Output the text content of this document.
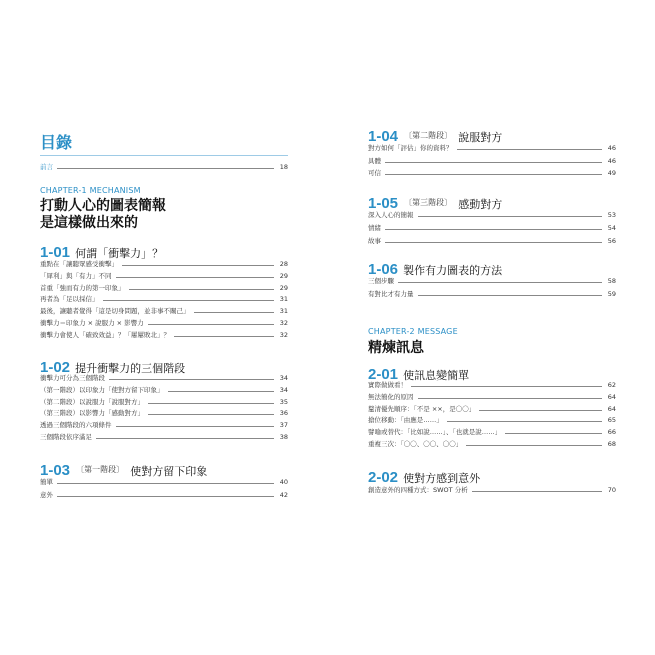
目錄
前言	18
CHAPTER-1 MECHANISM
打動人心的圖表簡報
是這樣做出來的
1-01 何謂「衝擊力」？
重點在「讓聽眾感受衝擊」	28
「犀利」與「有力」不同	29
首重「強而有力的第一印象」	29
再者為「足以採信」	31
最後，讓聽者覺得「這是切身問題，並非事不關己」	31
衝擊力＝印象力 × 說服力 × 影響力	32
衝擊力會使人「確致效益」？「屢屢敗北」？	32
1-02 提升衝擊力的三個階段
衝擊力可分為三個階段	34
（第一階段）以印象力「使對方留下印象」	34
（第二階段）以說服力「說服對方」	35
（第三階段）以影響力「感動對方」	36
透過三個階段的六項條件	37
三個階段依序滿足	38
1-03 〔第一階段〕 使對方留下印象
簡單	40
意外	42
1-04 〔第二階段〕 說服對方
對方如何「評估」你的資料？	46
具體	46
可信	49
1-05 〔第三階段〕 感動對方
深入人心的簡報	53
情緒	54
故事	56
1-06 製作有力圖表的方法
三個步驟	58
有對比才有力量	59
CHAPTER-2 MESSAGE
精煉訊息
2-01 使訊息變簡單
實際做做看！	62
無法簡化的原因	64
釐清優先順序：「不是 ××，是〇〇」	64
搶位移動：「由應是……」	65
譬喻或替代：「比如說……」、「也就是說……」	66
重複三次：「〇〇、〇〇、〇〇」	68
2-02 使對方感到意外
創造意外的四種方式：SWOT 分析	70
